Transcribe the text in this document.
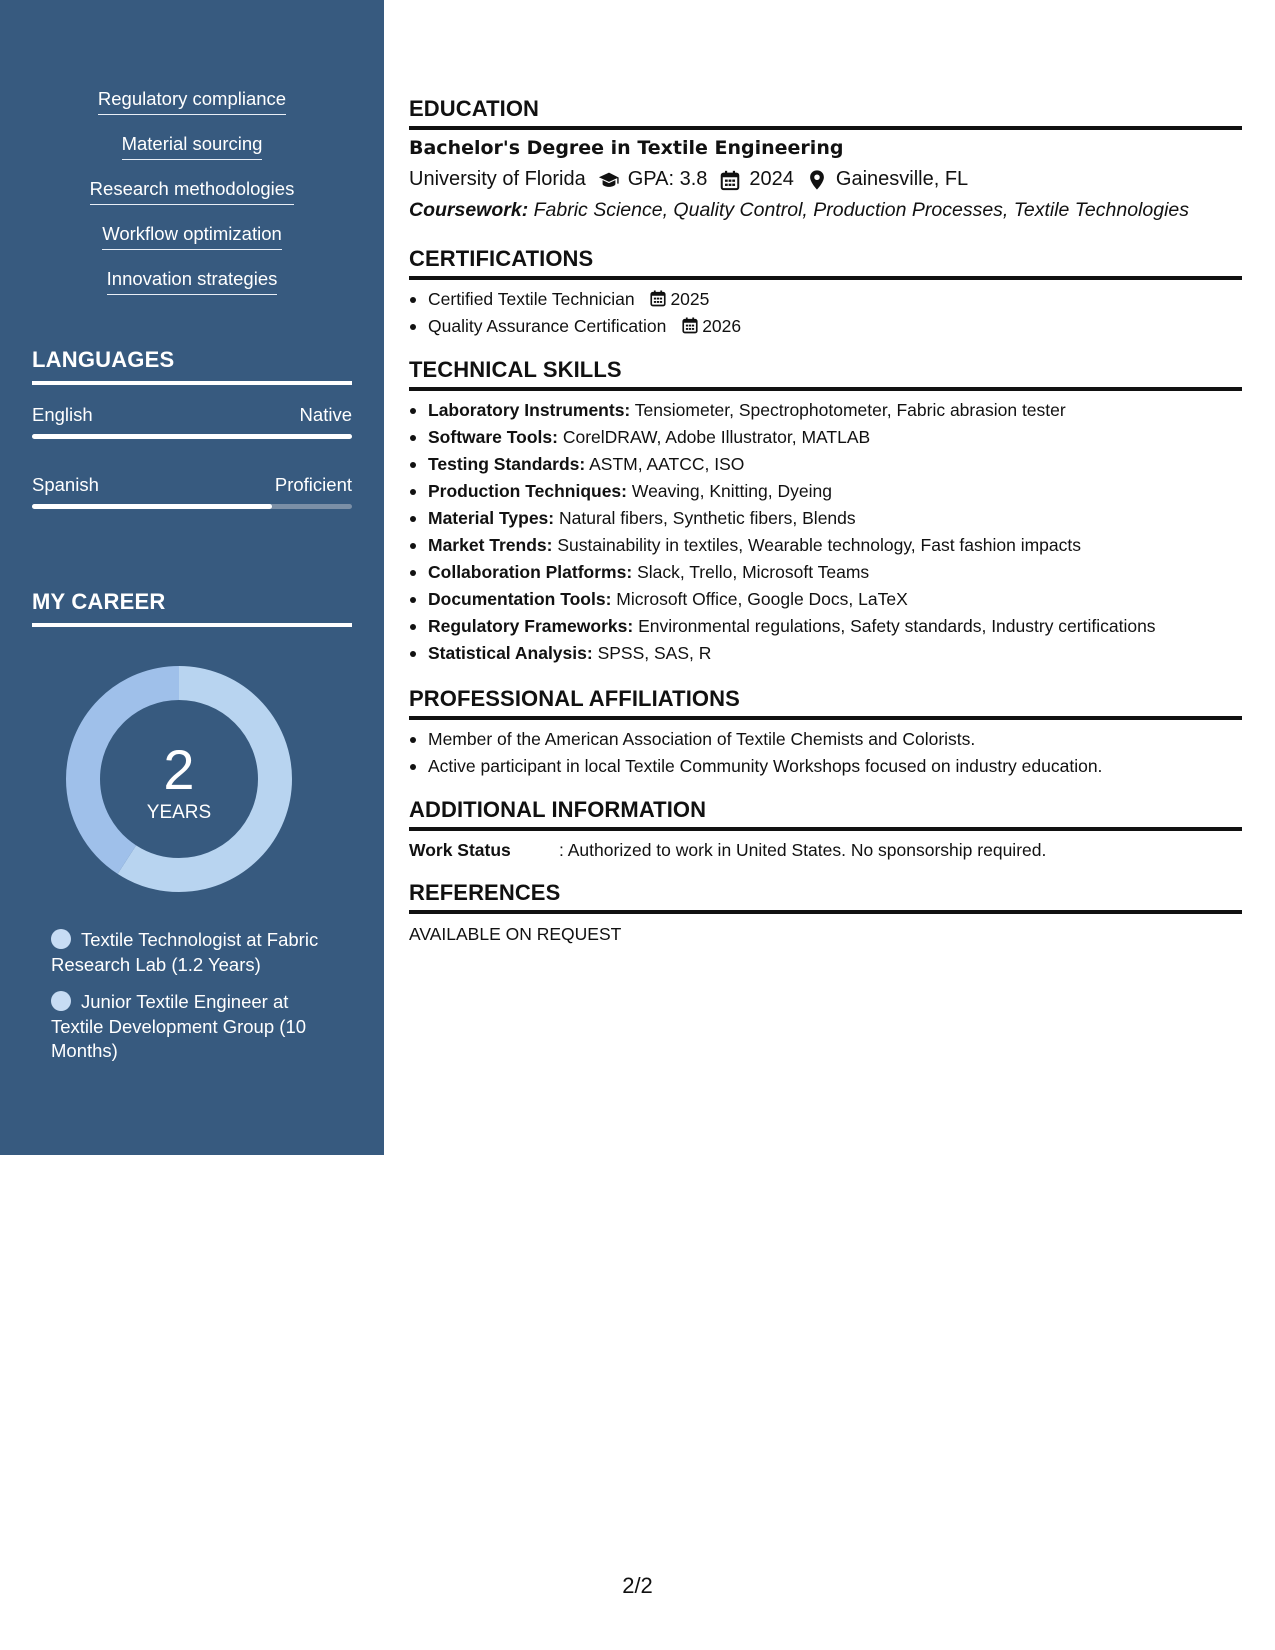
Regulatory compliance
Material sourcing
Research methodologies
Workflow optimization
Innovation strategies
LANGUAGES
English	Native
Spanish	Proficient
MY CAREER
2
YEARS
Textile Technologist at Fabric Research Lab (1.2 Years)
Junior Textile Engineer at Textile Development Group (10 Months)
EDUCATION
Bachelor's Degree in Textile Engineering
University of Florida GPA: 3.8 2024 Gainesville, FL
Coursework: Fabric Science, Quality Control, Production Processes, Textile Technologies
CERTIFICATIONS
Certified Textile Technician 2025
Quality Assurance Certification 2026
TECHNICAL SKILLS
Laboratory Instruments: Tensiometer, Spectrophotometer, Fabric abrasion tester
Software Tools: CorelDRAW, Adobe Illustrator, MATLAB
Testing Standards: ASTM, AATCC, ISO
Production Techniques: Weaving, Knitting, Dyeing
Material Types: Natural fibers, Synthetic fibers, Blends
Market Trends: Sustainability in textiles, Wearable technology, Fast fashion impacts
Collaboration Platforms: Slack, Trello, Microsoft Teams
Documentation Tools: Microsoft Office, Google Docs, LaTeX
Regulatory Frameworks: Environmental regulations, Safety standards, Industry certifications
Statistical Analysis: SPSS, SAS, R
PROFESSIONAL AFFILIATIONS
Member of the American Association of Textile Chemists and Colorists.
Active participant in local Textile Community Workshops focused on industry education.
ADDITIONAL INFORMATION
Work Status	: Authorized to work in United States. No sponsorship required.
REFERENCES
AVAILABLE ON REQUEST
2/2
